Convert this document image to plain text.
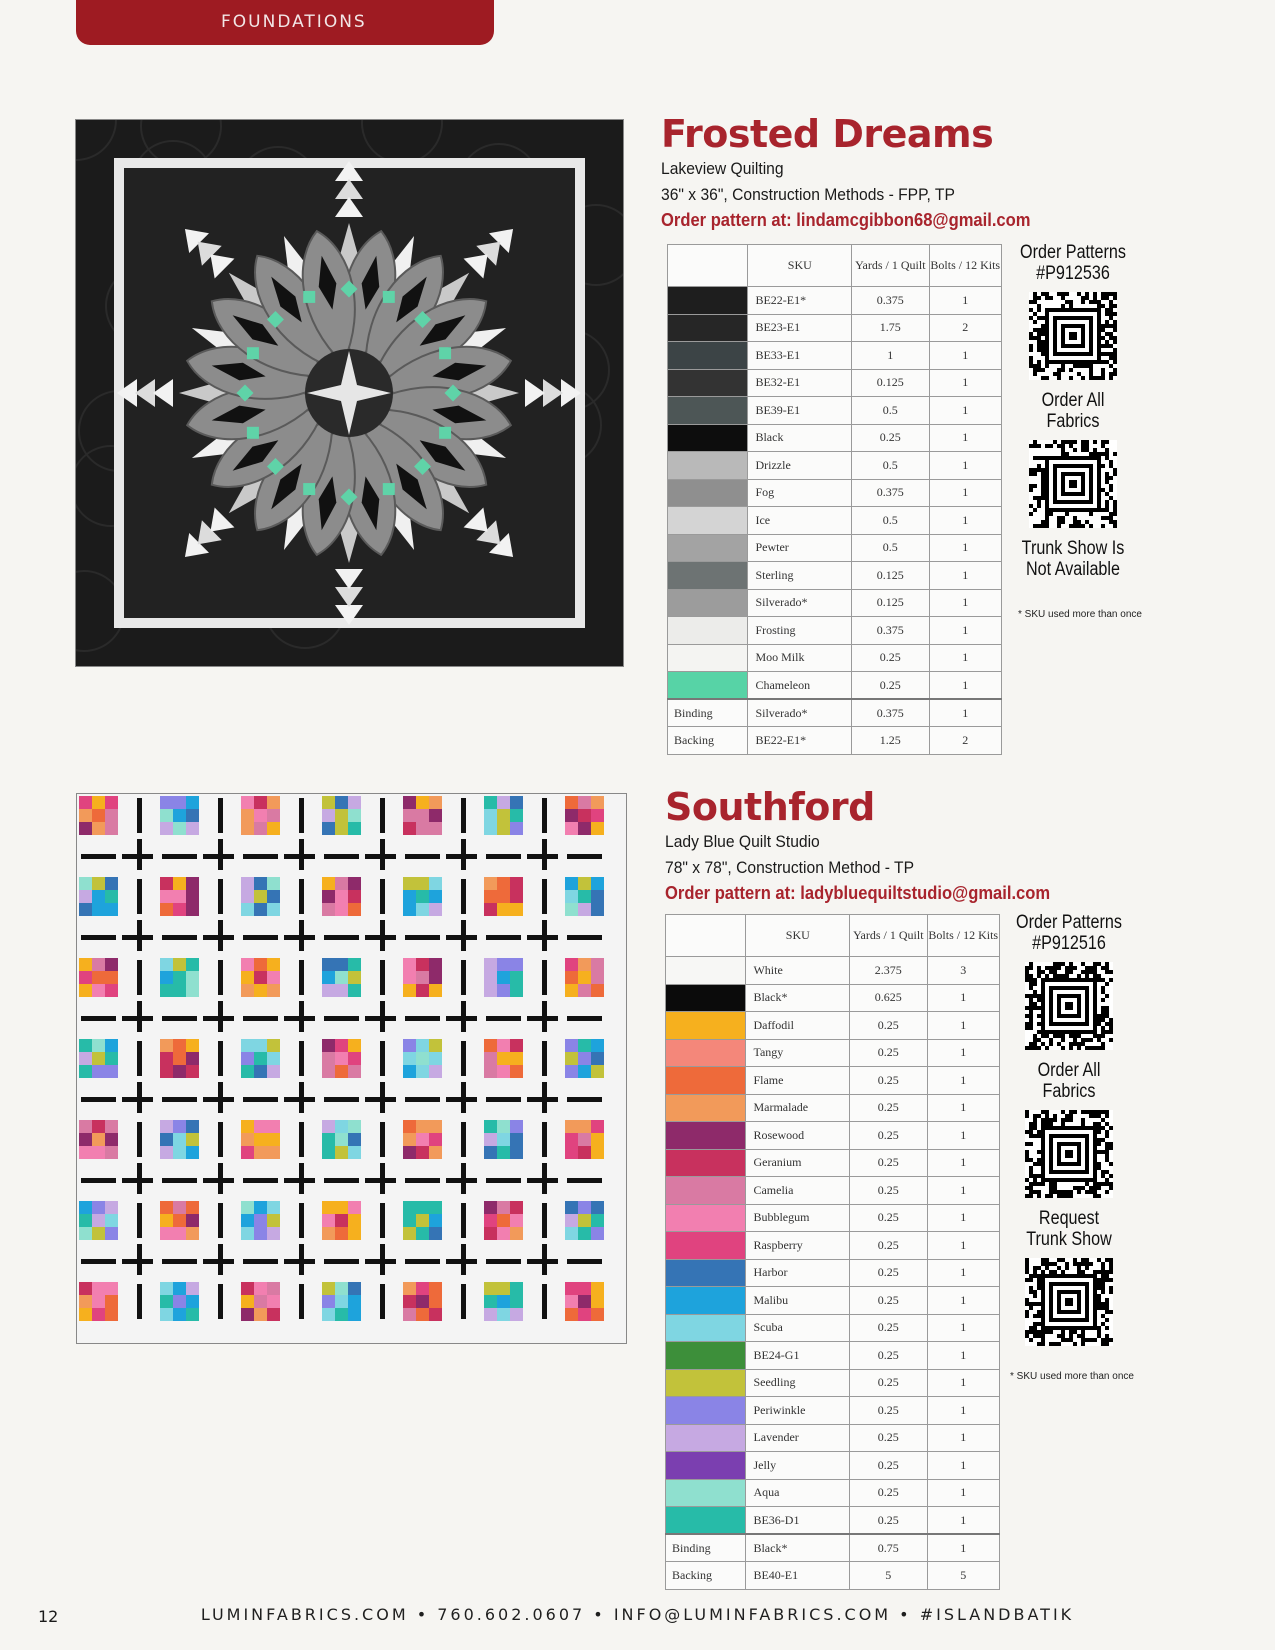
FOUNDATIONS
Frosted Dreams
Lakeview Quilting
36" x 36", Construction Methods - FPP, TP
Order pattern at: lindamcgibbon68@gmail.com
	SKU	Yards / 1 Quilt	Bolts / 12 Kits

	BE22-E1*	0.375	1

	BE23-E1	1.75	2

	BE33-E1	1	1

	BE32-E1	0.125	1

	BE39-E1	0.5	1

	Black	0.25	1

	Drizzle	0.5	1

	Fog	0.375	1

	Ice	0.5	1

	Pewter	0.5	1

	Sterling	0.125	1

	Silverado*	0.125	1

	Frosting	0.375	1

	Moo Milk	0.25	1

	Chameleon	0.25	1
Binding	Silverado*	0.375	1
Backing	BE22-E1*	1.25	2
Order Patterns
#P912536
Order All Fabrics
Trunk Show Is Not Available
* SKU used more than once
Southford
Lady Blue Quilt Studio
78" x 78", Construction Method - TP
Order pattern at: ladybluequiltstudio@gmail.com
	SKU	Yards / 1 Quilt	Bolts / 12 Kits

	White	2.375	3

	Black*	0.625	1

	Daffodil	0.25	1

	Tangy	0.25	1

	Flame	0.25	1

	Marmalade	0.25	1

	Rosewood	0.25	1

	Geranium	0.25	1

	Camelia	0.25	1

	Bubblegum	0.25	1

	Raspberry	0.25	1

	Harbor	0.25	1

	Malibu	0.25	1

	Scuba	0.25	1

	BE24-G1	0.25	1

	Seedling	0.25	1

	Periwinkle	0.25	1

	Lavender	0.25	1

	Jelly	0.25	1

	Aqua	0.25	1

	BE36-D1	0.25	1
Binding	Black*	0.75	1
Backing	BE40-E1	5	5
Order Patterns
#P912516
Order All Fabrics
Request Trunk Show
* SKU used more than once
12	LUMINFABRICS.COM • 760.602.0607 • INFO@LUMINFABRICS.COM • #ISLANDBATIK
